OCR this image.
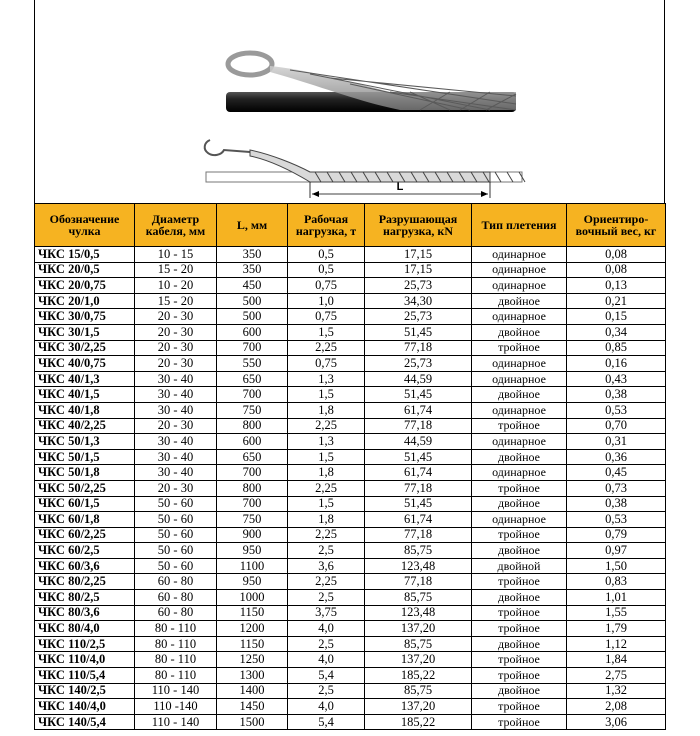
L
Обозначение чулка	Диаметр кабеля, мм	L, мм	Рабочая нагрузка, т	Разрушающая нагрузка, кN	Тип плетения	Ориентиро-вочный вес, кг
ЧКС 15/0,5	10 - 15	350	0,5	17,15	одинарное	0,08
ЧКС 20/0,5	15 - 20	350	0,5	17,15	одинарное	0,08
ЧКС 20/0,75	10 - 20	450	0,75	25,73	одинарное	0,13
ЧКС 20/1,0	15 - 20	500	1,0	34,30	двойное	0,21
ЧКС 30/0,75	20 - 30	500	0,75	25,73	одинарное	0,15
ЧКС 30/1,5	20 - 30	600	1,5	51,45	двойное	0,34
ЧКС 30/2,25	20 - 30	700	2,25	77,18	тройное	0,85
ЧКС 40/0,75	20 - 30	550	0,75	25,73	одинарное	0,16
ЧКС 40/1,3	30 - 40	650	1,3	44,59	одинарное	0,43
ЧКС 40/1,5	30 - 40	700	1,5	51,45	двойное	0,38
ЧКС 40/1,8	30 - 40	750	1,8	61,74	одинарное	0,53
ЧКС 40/2,25	20 - 30	800	2,25	77,18	тройное	0,70
ЧКС 50/1,3	30 - 40	600	1,3	44,59	одинарное	0,31
ЧКС 50/1,5	30 - 40	650	1,5	51,45	двойное	0,36
ЧКС 50/1,8	30 - 40	700	1,8	61,74	одинарное	0,45
ЧКС 50/2,25	20 - 30	800	2,25	77,18	тройное	0,73
ЧКС 60/1,5	50 - 60	700	1,5	51,45	двойное	0,38
ЧКС 60/1,8	50 - 60	750	1,8	61,74	одинарное	0,53
ЧКС 60/2,25	50 - 60	900	2,25	77,18	тройное	0,79
ЧКС 60/2,5	50 - 60	950	2,5	85,75	двойное	0,97
ЧКС 60/3,6	50 - 60	1100	3,6	123,48	двойной	1,50
ЧКС 80/2,25	60 - 80	950	2,25	77,18	тройное	0,83
ЧКС 80/2,5	60 - 80	1000	2,5	85,75	двойное	1,01
ЧКС 80/3,6	60 - 80	1150	3,75	123,48	тройное	1,55
ЧКС 80/4,0	80 - 110	1200	4,0	137,20	тройное	1,79
ЧКС 110/2,5	80 - 110	1150	2,5	85,75	двойное	1,12
ЧКС 110/4,0	80 - 110	1250	4,0	137,20	тройное	1,84
ЧКС 110/5,4	80 - 110	1300	5,4	185,22	тройное	2,75
ЧКС 140/2,5	110 - 140	1400	2,5	85,75	двойное	1,32
ЧКС 140/4,0	110 -140	1450	4,0	137,20	тройное	2,08
ЧКС 140/5,4	110 - 140	1500	5,4	185,22	тройное	3,06
